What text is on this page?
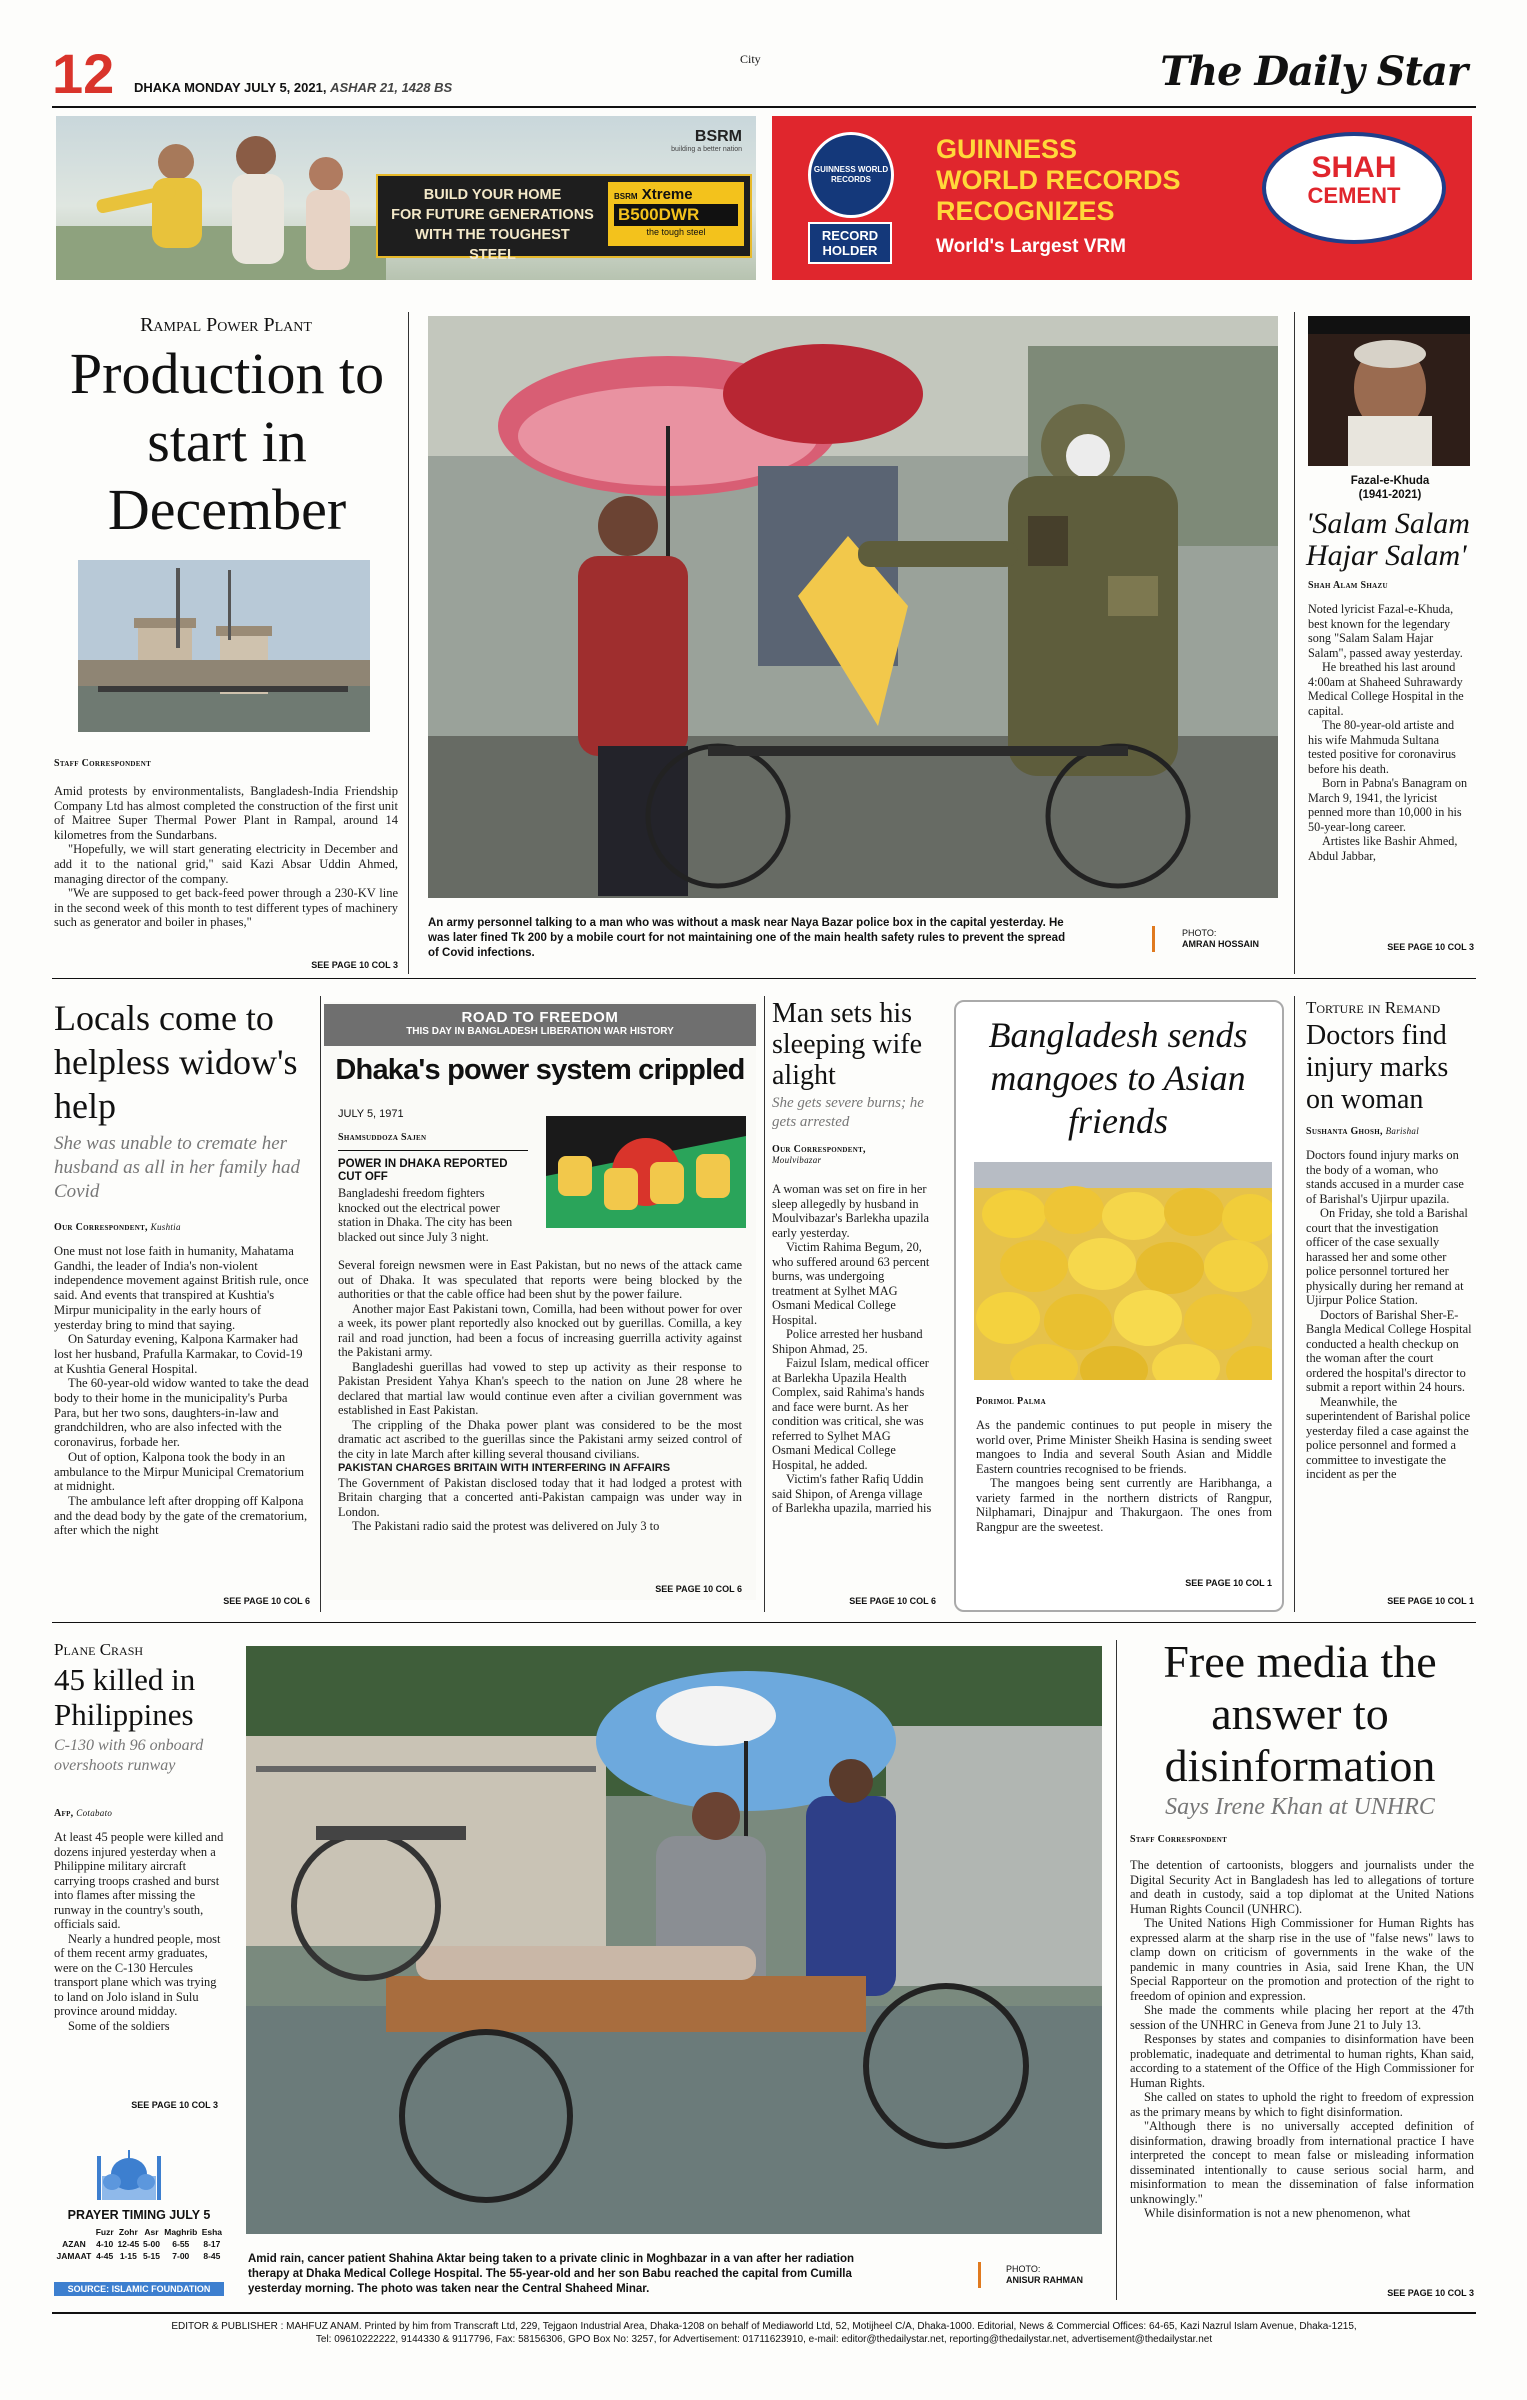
12 DHAKA MONDAY JULY 5, 2021, ASHAR 21, 1428 BS
City	The Daily Star
BSRM
building a better nation
BUILD YOUR HOME
FOR FUTURE GENERATIONS
WITH THE TOUGHEST STEEL
BSRM Xtreme
B500DWR
the tough steel
GUINNESS WORLD RECORDS
RECORD HOLDER
GUINNESS
WORLD RECORDS
RECOGNIZES
World's Largest VRM
SHAH
CEMENT
Rampal Power Plant
Production to start in December
Staff Correspondent

Amid protests by environmentalists, Bangladesh-India Friendship Company Ltd has almost completed the construction of the first unit of Maitree Super Thermal Power Plant in Rampal, around 14 kilometres from the Sundarbans.

"Hopefully, we will start generating electricity in December and add it to the national grid," said Kazi Absar Uddin Ahmed, managing director of the company.

"We are supposed to get back-feed power through a 230-KV line in the second week of this month to test different types of machinery such as generator and boiler in phases,"

SEE PAGE 10 COL 3
An army personnel talking to a man who was without a mask near Naya Bazar police box in the capital yesterday. He was later fined Tk 200 by a mobile court for not maintaining one of the main health safety rules to prevent the spread of Covid infections.
PHOTO:
AMRAN HOSSAIN
Fazal-e-Khuda
(1941-2021)
'Salam Salam Hajar Salam'
Shah Alam Shazu

Noted lyricist Fazal-e-Khuda, best known for the legendary song "Salam Salam Hajar Salam", passed away yesterday.

He breathed his last around 4:00am at Shaheed Suhrawardy Medical College Hospital in the capital.

The 80-year-old artiste and his wife Mahmuda Sultana tested positive for coronavirus before his death.

Born in Pabna's Banagram on March 9, 1941, the lyricist penned more than 10,000 in his 50-year-long career.

Artistes like Bashir Ahmed, Abdul Jabbar,

SEE PAGE 10 COL 3
Locals come to helpless widow's help
She was unable to cremate her husband as all in her family had Covid
Our Correspondent, Kushtia

One must not lose faith in humanity, Mahatama Gandhi, the leader of India's non-violent independence movement against British rule, once said. And events that transpired at Kushtia's Mirpur municipality in the early hours of yesterday bring to mind that saying.

On Saturday evening, Kalpona Karmaker had lost her husband, Prafulla Karmakar, to Covid-19 at Kushtia General Hospital.

The 60-year-old widow wanted to take the dead body to their home in the municipality's Purba Para, but her two sons, daughters-in-law and grandchildren, who are also infected with the coronavirus, forbade her.

Out of option, Kalpona took the body in an ambulance to the Mirpur Municipal Crematorium at midnight.

The ambulance left after dropping off Kalpona and the dead body by the gate of the crematorium, after which the night

SEE PAGE 10 COL 6
ROAD TO FREEDOM
THIS DAY IN BANGLADESH LIBERATION WAR HISTORY
Dhaka's power system crippled
JULY 5, 1971
Shamsuddoza Sajen
POWER IN DHAKA REPORTED CUT OFF
Bangladeshi freedom fighters knocked out the electrical power station in Dhaka. The city has been blacked out since July 3 night.

Several foreign newsmen were in East Pakistan, but no news of the attack came out of Dhaka. It was speculated that reports were being blocked by the authorities or that the cable office had been shut by the power failure.

Another major East Pakistani town, Comilla, had been without power for over a week, its power plant reportedly also knocked out by guerillas. Comilla, a key rail and road junction, had been a focus of increasing guerrilla activity against the Pakistani army.

Bangladeshi guerillas had vowed to step up activity as their response to Pakistan President Yahya Khan's speech to the nation on June 28 where he declared that martial law would continue even after a civilian government was established in East Pakistan.

The crippling of the Dhaka power plant was considered to be the most dramatic act ascribed to the guerillas since the Pakistani army seized control of the city in late March after killing several thousand civilians.

PAKISTAN CHARGES BRITAIN WITH INTERFERING IN AFFAIRS

The Government of Pakistan disclosed today that it had lodged a protest with Britain charging that a concerted anti-Pakistan campaign was under way in London.

The Pakistani radio said the protest was delivered on July 3 to

SEE PAGE 10 COL 6
Man sets his sleeping wife alight
She gets severe burns; he gets arrested
Our Correspondent,
Moulvibazar

A woman was set on fire in her sleep allegedly by husband in Moulvibazar's Barlekha upazila early yesterday.

Victim Rahima Begum, 20, who suffered around 63 percent burns, was undergoing treatment at Sylhet MAG Osmani Medical College Hospital.

Police arrested her husband Shipon Ahmad, 25.

Faizul Islam, medical officer at Barlekha Upazila Health Complex, said Rahima's hands and face were burnt. As her condition was critical, she was referred to Sylhet MAG Osmani Medical College Hospital, he added.

Victim's father Rafiq Uddin said Shipon, of Arenga village of Barlekha upazila, married his

SEE PAGE 10 COL 6
Bangladesh sends mangoes to Asian friends
Porimol Palma

As the pandemic continues to put people in misery the world over, Prime Minister Sheikh Hasina is sending sweet mangoes to India and several South Asian and Middle Eastern countries recognised to be friends.

The mangoes being sent currently are Haribhanga, a variety farmed in the northern districts of Rangpur, Nilphamari, Dinajpur and Thakurgaon. The ones from Rangpur are the sweetest.

SEE PAGE 10 COL 1
Torture in Remand
Doctors find injury marks on woman
Sushanta Ghosh, Barishal

Doctors found injury marks on the body of a woman, who stands accused in a murder case of Barishal's Ujirpur upazila.

On Friday, she told a Barishal court that the investigation officer of the case sexually harassed her and some other police personnel tortured her physically during her remand at Ujirpur Police Station.

Doctors of Barishal Sher-E-Bangla Medical College Hospital conducted a health checkup on the woman after the court ordered the hospital's director to submit a report within 24 hours.

Meanwhile, the superintendent of Barishal police yesterday filed a case against the police personnel and formed a committee to investigate the incident as per the

SEE PAGE 10 COL 1
Plane Crash
45 killed in Philippines
C-130 with 96 onboard overshoots runway
Afp, Cotabato

At least 45 people were killed and dozens injured yesterday when a Philippine military aircraft carrying troops crashed and burst into flames after missing the runway in the country's south, officials said.

Nearly a hundred people, most of them recent army graduates, were on the C-130 Hercules transport plane which was trying to land on Jolo island in Sulu province around midday.

Some of the soldiers

SEE PAGE 10 COL 3
PRAYER TIMING JULY 5
	Fuzr	Zohr	Asr	Maghrib	Esha
AZAN	4-10	12-45	5-00	6-55	8-17
JAMAAT	4-45	1-15	5-15	7-00	8-45
SOURCE: ISLAMIC FOUNDATION
Amid rain, cancer patient Shahina Aktar being taken to a private clinic in Moghbazar in a van after her radiation therapy at Dhaka Medical College Hospital. The 55-year-old and her son Babu reached the capital from Cumilla yesterday morning. The photo was taken near the Central Shaheed Minar.
PHOTO:
ANISUR RAHMAN
Free media the answer to disinformation
Says Irene Khan at UNHRC
Staff Correspondent

The detention of cartoonists, bloggers and journalists under the Digital Security Act in Bangladesh has led to allegations of torture and death in custody, said a top diplomat at the United Nations Human Rights Council (UNHRC).

The United Nations High Commissioner for Human Rights has expressed alarm at the sharp rise in the use of "false news" laws to clamp down on criticism of governments in the wake of the pandemic in many countries in Asia, said Irene Khan, the UN Special Rapporteur on the promotion and protection of the right to freedom of opinion and expression.

She made the comments while placing her report at the 47th session of the UNHRC in Geneva from June 21 to July 13.

Responses by states and companies to disinformation have been problematic, inadequate and detrimental to human rights, Khan said, according to a statement of the Office of the High Commissioner for Human Rights.

She called on states to uphold the right to freedom of expression as the primary means by which to fight disinformation.

"Although there is no universally accepted definition of disinformation, drawing broadly from international practice I have interpreted the concept to mean false or misleading information disseminated intentionally to cause serious social harm, and misinformation to mean the dissemination of false information unknowingly."

While disinformation is not a new phenomenon, what

SEE PAGE 10 COL 3
EDITOR & PUBLISHER : MAHFUZ ANAM. Printed by him from Transcraft Ltd, 229, Tejgaon Industrial Area, Dhaka-1208 on behalf of Mediaworld Ltd, 52, Motijheel C/A, Dhaka-1000. Editorial, News & Commercial Offices: 64-65, Kazi Nazrul Islam Avenue, Dhaka-1215,
Tel: 09610222222, 9144330 & 9117796, Fax: 58156306, GPO Box No: 3257, for Advertisement: 01711623910, e-mail: editor@thedailystar.net, reporting@thedailystar.net, advertisement@thedailystar.net
